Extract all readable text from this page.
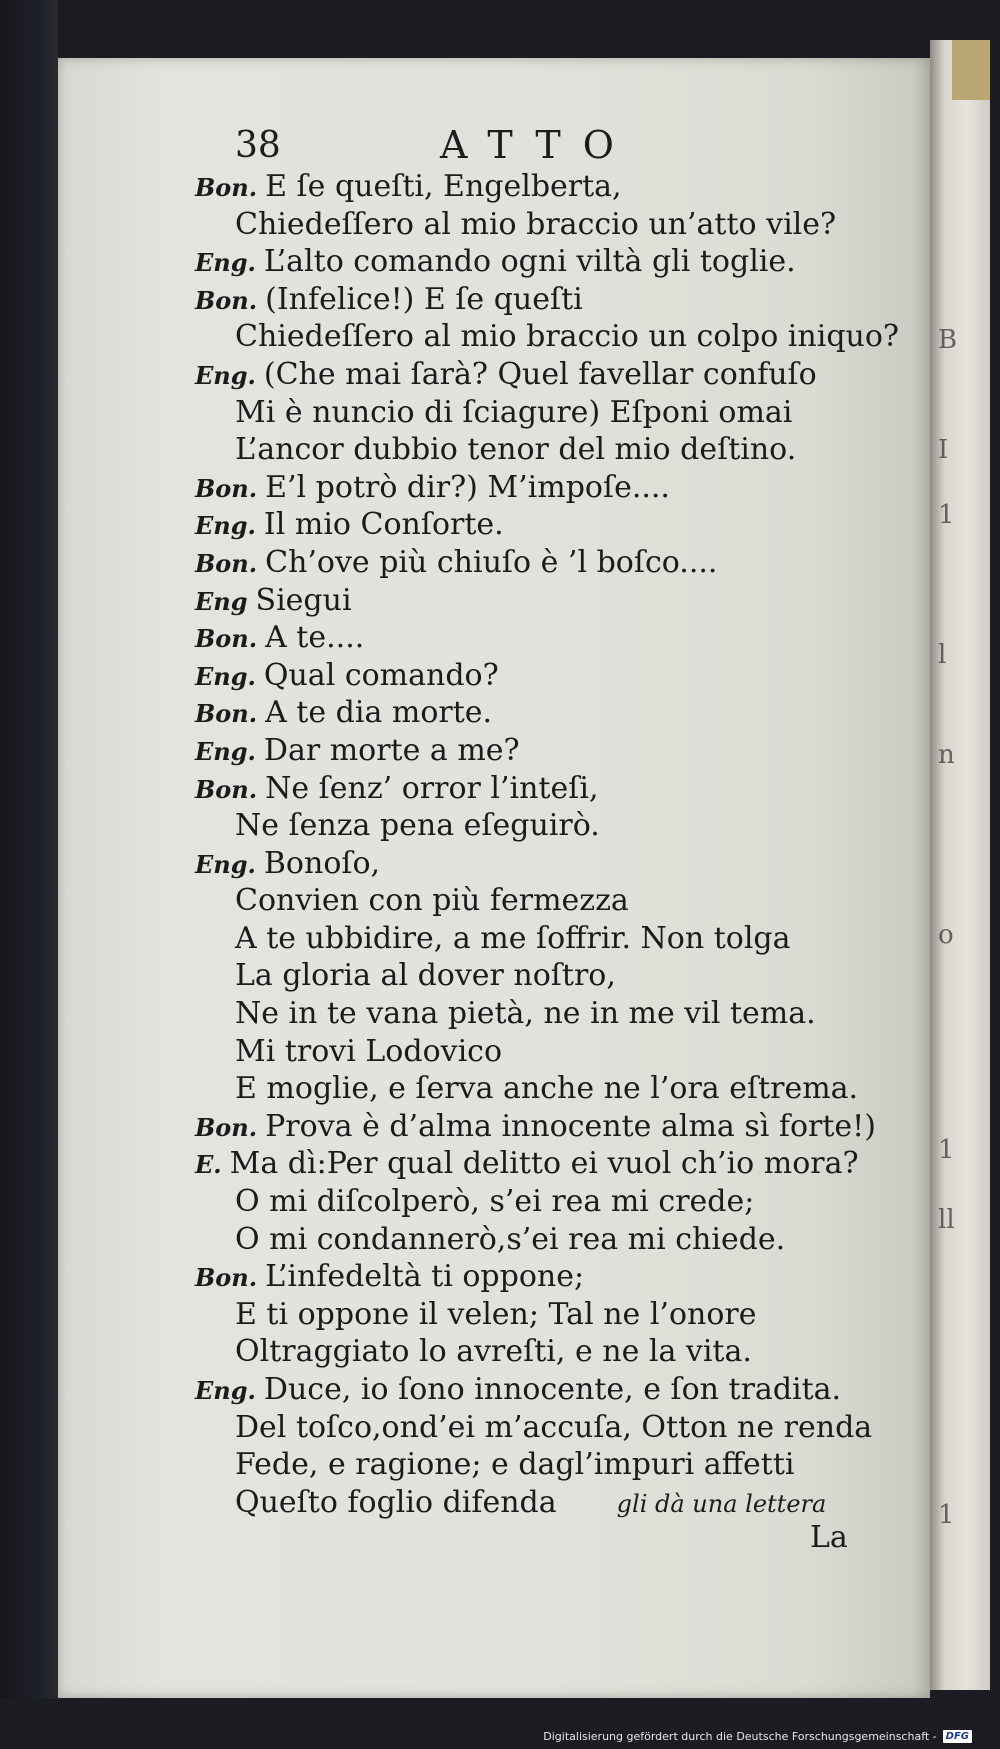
B
I
1
l
n
o
1
ll
1
38	ATTO
Bon. E ſe queſti, Engelberta,
Chiedeſſero al mio braccio un’atto vile?
Eng. L’alto comando ogni viltà gli toglie.
Bon. (Infelice!) E ſe queſti
Chiedeſſero al mio braccio un colpo iniquo?
Eng. (Che mai ſarà? Quel favellar confuſo
Mi è nuncio di ſciagure) Eſponi omai
L’ancor dubbio tenor del mio deſtino.
Bon. E’l potrò dir?) M’impoſe....
Eng. Il mio Conſorte.
Bon. Ch’ove più chiuſo è ’l boſco....
Eng Siegui
Bon. A te....
Eng. Qual comando?
Bon. A te dia morte.
Eng. Dar morte a me?
Bon. Ne ſenz’ orror l’inteſi,
Ne ſenza pena eſeguirò.
Eng. Bonoſo,
Convien con più fermezza
A te ubbidire, a me ſoffrir. Non tolga
La gloria al dover noſtro,
Ne in te vana pietà, ne in me vil tema.
Mi trovi Lodovico
E moglie, e ſerva anche ne l’ora eſtrema.
Bon. Prova è d’alma innocente alma sì forte!)
E. Ma dì:Per qual delitto ei vuol ch’io mora?
O mi diſcolperò, s’ei rea mi crede;
O mi condannerò,s’ei rea mi chiede.
Bon. L’infedeltà ti oppone;
E ti oppone il velen; Tal ne l’onore
Oltraggiato lo avreſti, e ne la vita.
Eng. Duce, io ſono innocente, e ſon tradita.
Del toſco,ond’ei m’accuſa, Otton ne renda
Fede, e ragione; e dagl’impuri affetti
Queſto foglio difenda	gli dà una lettera
La
Digitalisierung gefördert durch die Deutsche Forschungsgemeinschaft - DFG
